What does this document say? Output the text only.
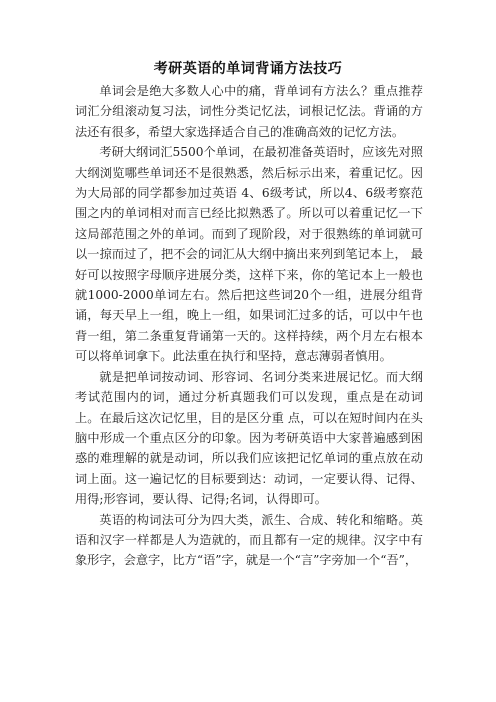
考研英语的单词背诵方法技巧

单词会是绝大多数人心中的痛，背单词有方法么？重点推荐词汇分组滚动复习法，词性分类记忆法，词根记忆法。背诵的方法还有很多，希望大家选择适合自己的准确高效的记忆方法。

考研大纲词汇5500个单词，在最初准备英语时，应该先对照大纲浏览哪些单词还不是很熟悉，然后标示出来，着重记忆。因为大局部的同学都参加过英语 4、6级考试，所以4、6级考察范围之内的单词相对而言已经比拟熟悉了。所以可以着重记忆一下这局部范围之外的单词。而到了现阶段，对于很熟练的单词就可以一掠而过了，把不会的词汇从大纲中摘出来列到笔记本上， 最好可以按照字母顺序进展分类，这样下来，你的笔记本上一般也就1000-2000单词左右。然后把这些词20个一组，进展分组背诵，每天早上一组，晚上一组，如果词汇过多的话，可以中午也背一组，第二条重复背诵第一天的。这样持续，两个月左右根本可以将单词拿下。此法重在执行和坚持，意志薄弱者慎用。

就是把单词按动词、形容词、名词分类来进展记忆。而大纲考试范围内的词，通过分析真题我们可以发现，重点是在动词上。在最后这次记忆里，目的是区分重 点，可以在短时间内在头脑中形成一个重点区分的印象。因为考研英语中大家普遍感到困惑的难理解的就是动词，所以我们应该把记忆单词的重点放在动词上面。这一遍记忆的目标要到达：动词，一定要认得、记得、用得;形容词，要认得、记得;名词，认得即可。

英语的构词法可分为四大类，派生、合成、转化和缩略。英语和汉字一样都是人为造就的，而且都有一定的规律。汉字中有象形字，会意字，比方“语”字，就是一个“言”字旁加一个“吾”，
